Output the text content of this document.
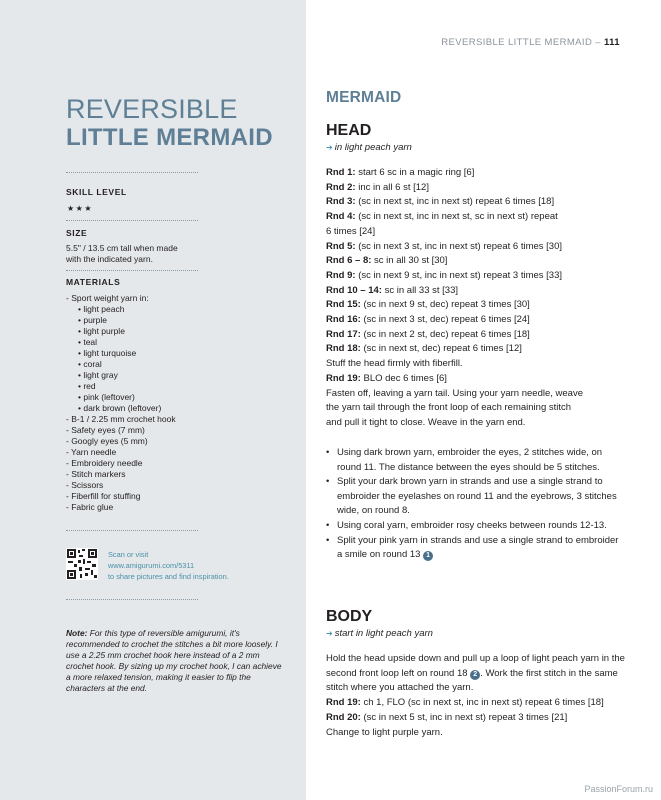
REVERSIBLE LITTLE MERMAID – 111
REVERSIBLE
LITTLE MERMAID
SKILL LEVEL
★★★
SIZE
5.5" / 13.5 cm tall when made
with the indicated yarn.
MATERIALS
- Sport weight yarn in:
• light peach
• purple
• light purple
• teal
• light turquoise
• coral
• light gray
• red
• pink (leftover)
• dark brown (leftover)
- B-1 / 2.25 mm crochet hook
- Safety eyes (7 mm)
- Googly eyes (5 mm)
- Yarn needle
- Embroidery needle
- Stitch markers
- Scissors
- Fiberfill for stuffing
- Fabric glue
Scan or visit
www.amigurumi.com/5311
to share pictures and find inspiration.
Note: For this type of reversible amigurumi, it's recommended to crochet the stitches a bit more loosely. I use a 2.25 mm crochet hook here instead of a 2 mm crochet hook. By sizing up my crochet hook, I can achieve a more relaxed tension, making it easier to flip the characters at the end.
MERMAID
HEAD
➔ in light peach yarn

Rnd 1: start 6 sc in a magic ring [6]

Rnd 2: inc in all 6 st [12]

Rnd 3: (sc in next st, inc in next st) repeat 6 times [18]

Rnd 4: (sc in next st, inc in next st, sc in next st) repeat

6 times [24]

Rnd 5: (sc in next 3 st, inc in next st) repeat 6 times [30]

Rnd 6 – 8: sc in all 30 st [30]

Rnd 9: (sc in next 9 st, inc in next st) repeat 3 times [33]

Rnd 10 – 14: sc in all 33 st [33]

Rnd 15: (sc in next 9 st, dec) repeat 3 times [30]

Rnd 16: (sc in next 3 st, dec) repeat 6 times [24]

Rnd 17: (sc in next 2 st, dec) repeat 6 times [18]

Rnd 18: (sc in next st, dec) repeat 6 times [12]

Stuff the head firmly with fiberfill.

Rnd 19: BLO dec 6 times [6]

Fasten off, leaving a yarn tail. Using your yarn needle, weave

the yarn tail through the front loop of each remaining stitch

and pull it tight to close. Weave in the yarn end.

• Using dark brown yarn, embroider the eyes, 2 stitches wide, on round 11. The distance between the eyes should be 5 stitches.
• Split your dark brown yarn in strands and use a single strand to embroider the eyelashes on round 11 and the eyebrows, 3 stitches wide, on round 8.
• Using coral yarn, embroider rosy cheeks between rounds 12-13.
• Split your pink yarn in strands and use a single strand to embroider a smile on round 13 1
BODY
➔ start in light peach yarn

Hold the head upside down and pull up a loop of light peach yarn in the second front loop left on round 18 2 . Work the first stitch in the same stitch where you attached the yarn.

Rnd 19: ch 1, FLO (sc in next st, inc in next st) repeat 6 times [18]

Rnd 20: (sc in next 5 st, inc in next st) repeat 3 times [21]

Change to light purple yarn.

PassionForum.ru
